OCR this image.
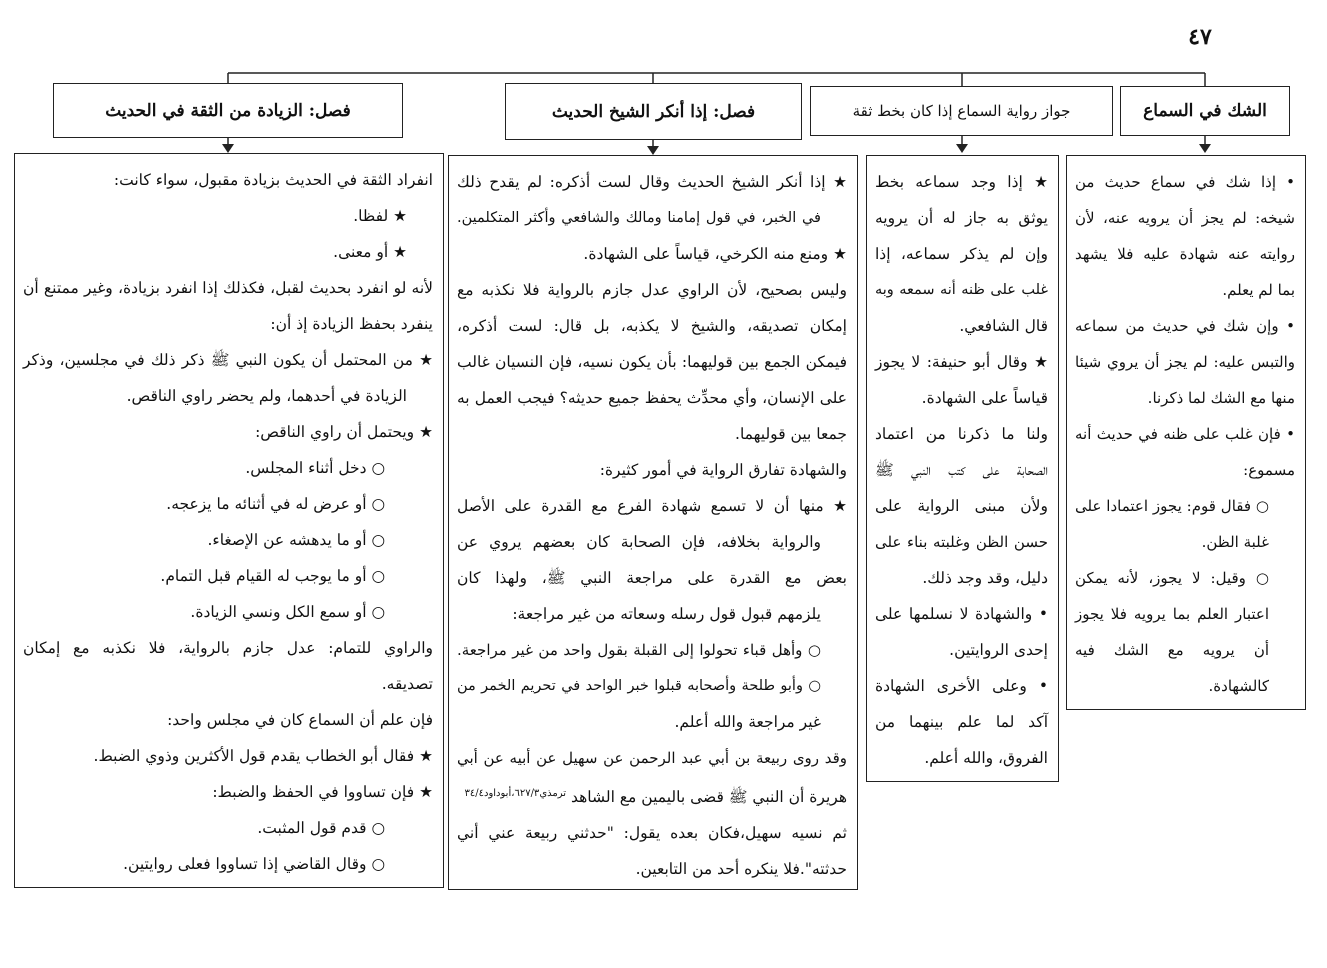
٤٧
الشك في السماع
جواز رواية السماع إذا كان بخط ثقة
فصل: إذا أنكر الشيخ الحديث
فصل: الزيادة من الثقة في الحديث
• إذا شك في سماع حديث من
شيخه: لم يجز أن يرويه عنه، لأن
روايته عنه شهادة عليه فلا يشهد
بما لم يعلم.
• وإن شك في حديث من سماعه
والتبس عليه: لم يجز أن يروي شيئا
منها مع الشك لما ذكرنا.
• فإن غلب على ظنه في حديث أنه
مسموع:
○ فقال قوم: يجوز اعتمادا على
غلبة الظن.
○ وقيل: لا يجوز، لأنه يمكن
اعتبار العلم بما يرويه فلا يجوز
أن يرويه مع الشك فيه
كالشهادة.
★ إذا وجد سماعه بخط
يوثق به جاز له أن يرويه
وإن لم يذكر سماعه، إذا
غلب على ظنه أنه سمعه وبه
قال الشافعي.
★ وقال أبو حنيفة: لا يجوز
قياساً على الشهادة.
ولنا ما ذكرنا من اعتماد
الصحابة على كتب النبي ﷺ
ولأن مبنى الرواية على
حسن الظن وغلبته بناء على
دليل، وقد وجد ذلك.
• والشهادة لا نسلمها على
إحدى الروايتين.
• وعلى الأخرى الشهادة
آكد لما علم بينهما من
الفروق، والله أعلم.
★ إذا أنكر الشيخ الحديث وقال لست أذكره: لم يقدح ذلك
في الخبر، في قول إمامنا ومالك والشافعي وأكثر المتكلمين.
★ ومنع منه الكرخي، قياساً على الشهادة.
وليس بصحيح، لأن الراوي عدل جازم بالرواية فلا نكذبه مع
إمكان تصديقه، والشيخ لا يكذبه، بل قال: لست أذكره،
فيمكن الجمع بين قوليهما: بأن يكون نسيه، فإن النسيان غالب
على الإنسان، وأي محدِّث يحفظ جميع حديثه؟ فيجب العمل به
جمعا بين قوليهما.
والشهادة تفارق الرواية في أمور كثيرة:
★ منها أن لا تسمع شهادة الفرع مع القدرة على الأصل
والرواية بخلافه، فإن الصحابة كان بعضهم يروي عن
بعض مع القدرة على مراجعة النبي ﷺ، ولهذا كان
يلزمهم قبول قول رسله وسعاته من غير مراجعة:
○ وأهل قباء تحولوا إلى القبلة بقول واحد من غير مراجعة.
○ وأبو طلحة وأصحابه قبلوا خبر الواحد في تحريم الخمر من
غير مراجعة والله أعلم.
وقد روى ربيعة بن أبي عبد الرحمن عن سهيل عن أبيه عن أبي
هريرة أن النبي ﷺ قضى باليمين مع الشاهد $^{ترمذي٦٢٧/٣،أبوداود٣٤/٤}$
ثم نسيه سهيل،فكان بعده يقول: "حدثني ربيعة عني أني
حدثته".فلا ينكره أحد من التابعين.
انفراد الثقة في الحديث بزيادة مقبول، سواء كانت:
★ لفظا.
★ أو معنى.
لأنه لو انفرد بحديث لقبل، فكذلك إذا انفرد بزيادة، وغير ممتنع أن
ينفرد بحفظ الزيادة إذ أن:
★ من المحتمل أن يكون النبي ﷺ ذكر ذلك في مجلسين، وذكر
الزيادة في أحدهما، ولم يحضر راوي الناقص.
★ ويحتمل أن راوي الناقص:
○ دخل أثناء المجلس.
○ أو عرض له في أثنائه ما يزعجه.
○ أو ما يدهشه عن الإصغاء.
○ أو ما يوجب له القيام قبل التمام.
○ أو سمع الكل ونسي الزيادة.
والراوي للتمام: عدل جازم بالرواية، فلا نكذبه مع إمكان
تصديقه.
فإن علم أن السماع كان في مجلس واحد:
★ فقال أبو الخطاب يقدم قول الأكثرين وذوي الضبط.
★ فإن تساووا في الحفظ والضبط:
○ قدم قول المثبت.
○ وقال القاضي إذا تساووا فعلى روايتين.
